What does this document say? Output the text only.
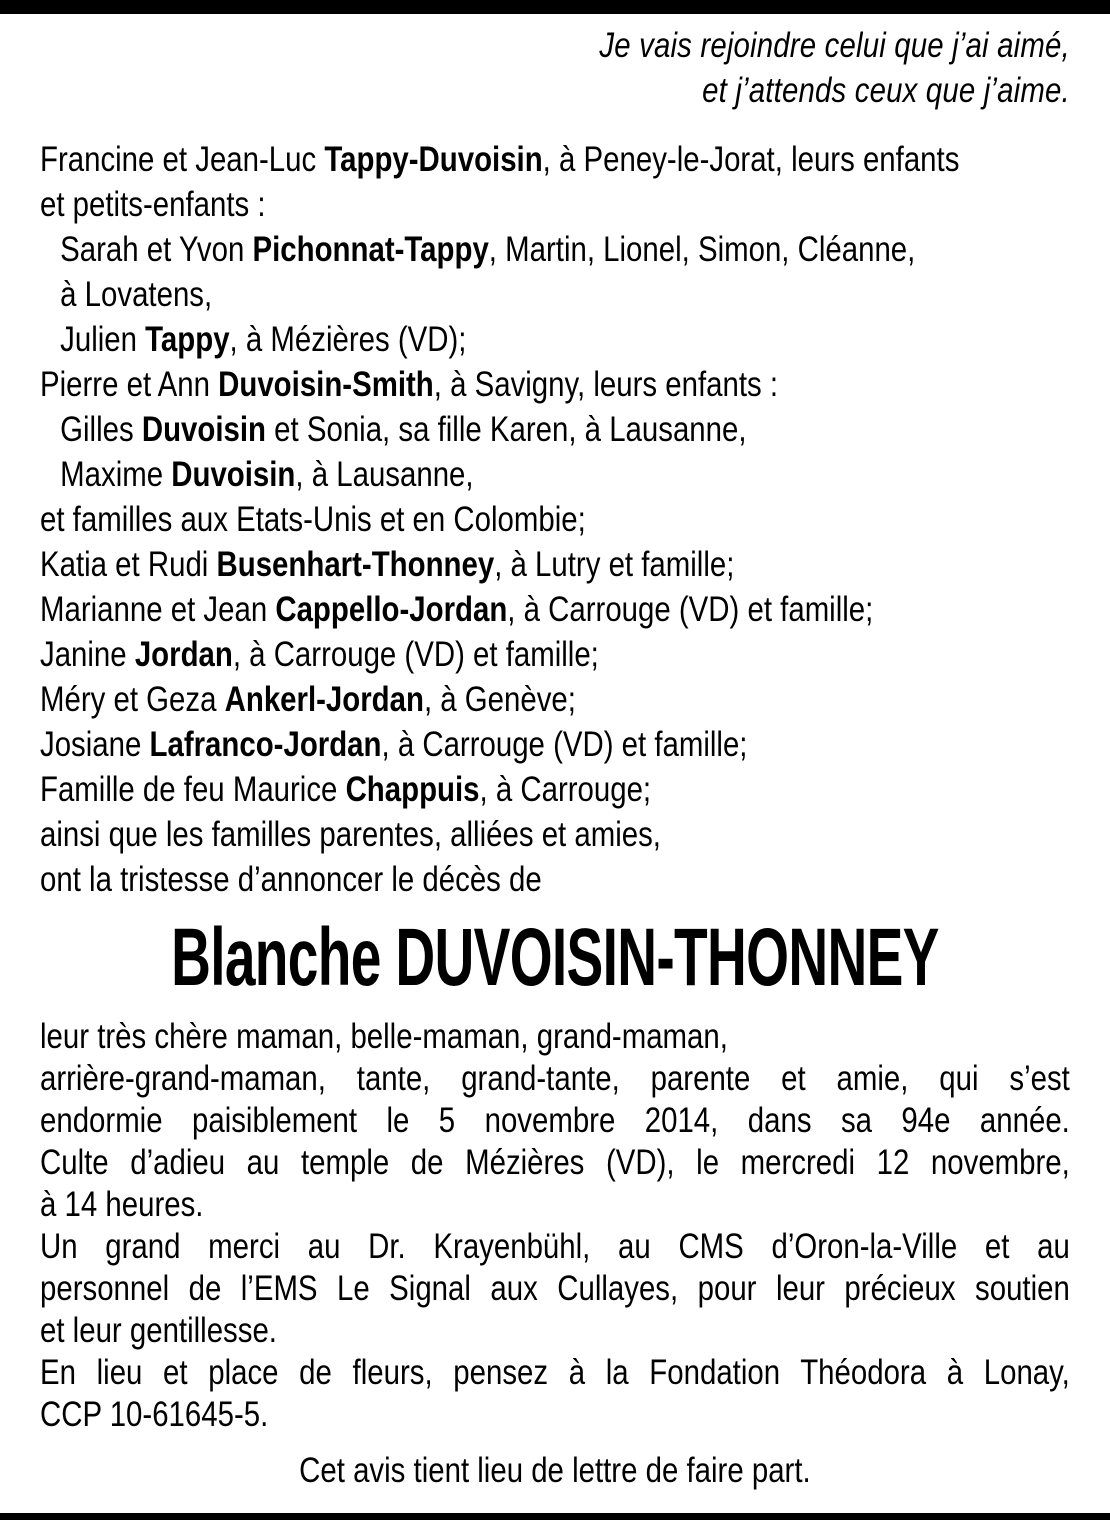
Je vais rejoindre celui que j’ai aimé,
et j’attends ceux que j’aime.
Francine et Jean-Luc Tappy-Duvoisin, à Peney-le-Jorat, leurs enfants
et petits-enfants :
Sarah et Yvon Pichonnat-Tappy, Martin, Lionel, Simon, Cléanne,
à Lovatens,
Julien Tappy, à Mézières (VD);
Pierre et Ann Duvoisin-Smith, à Savigny, leurs enfants :
Gilles Duvoisin et Sonia, sa fille Karen, à Lausanne,
Maxime Duvoisin, à Lausanne,
et familles aux Etats-Unis et en Colombie;
Katia et Rudi Busenhart-Thonney, à Lutry et famille;
Marianne et Jean Cappello-Jordan, à Carrouge (VD) et famille;
Janine Jordan, à Carrouge (VD) et famille;
Méry et Geza Ankerl-Jordan, à Genève;
Josiane Lafranco-Jordan, à Carrouge (VD) et famille;
Famille de feu Maurice Chappuis, à Carrouge;
ainsi que les familles parentes, alliées et amies,
ont la tristesse d’annoncer le décès de
Blanche DUVOISIN-THONNEY
leur très chère maman, belle-maman, grand-maman,
arrière-grand-maman, tante, grand-tante, parente et amie, qui s’est
endormie paisiblement le 5 novembre 2014, dans sa 94e année.
Culte d’adieu au temple de Mézières (VD), le mercredi 12 novembre,
à 14 heures.
Un grand merci au Dr. Krayenbühl, au CMS d’Oron-la-Ville et au
personnel de l’EMS Le Signal aux Cullayes, pour leur précieux soutien
et leur gentillesse.
En lieu et place de fleurs, pensez à la Fondation Théodora à Lonay,
CCP 10-61645-5.
Cet avis tient lieu de lettre de faire part.
